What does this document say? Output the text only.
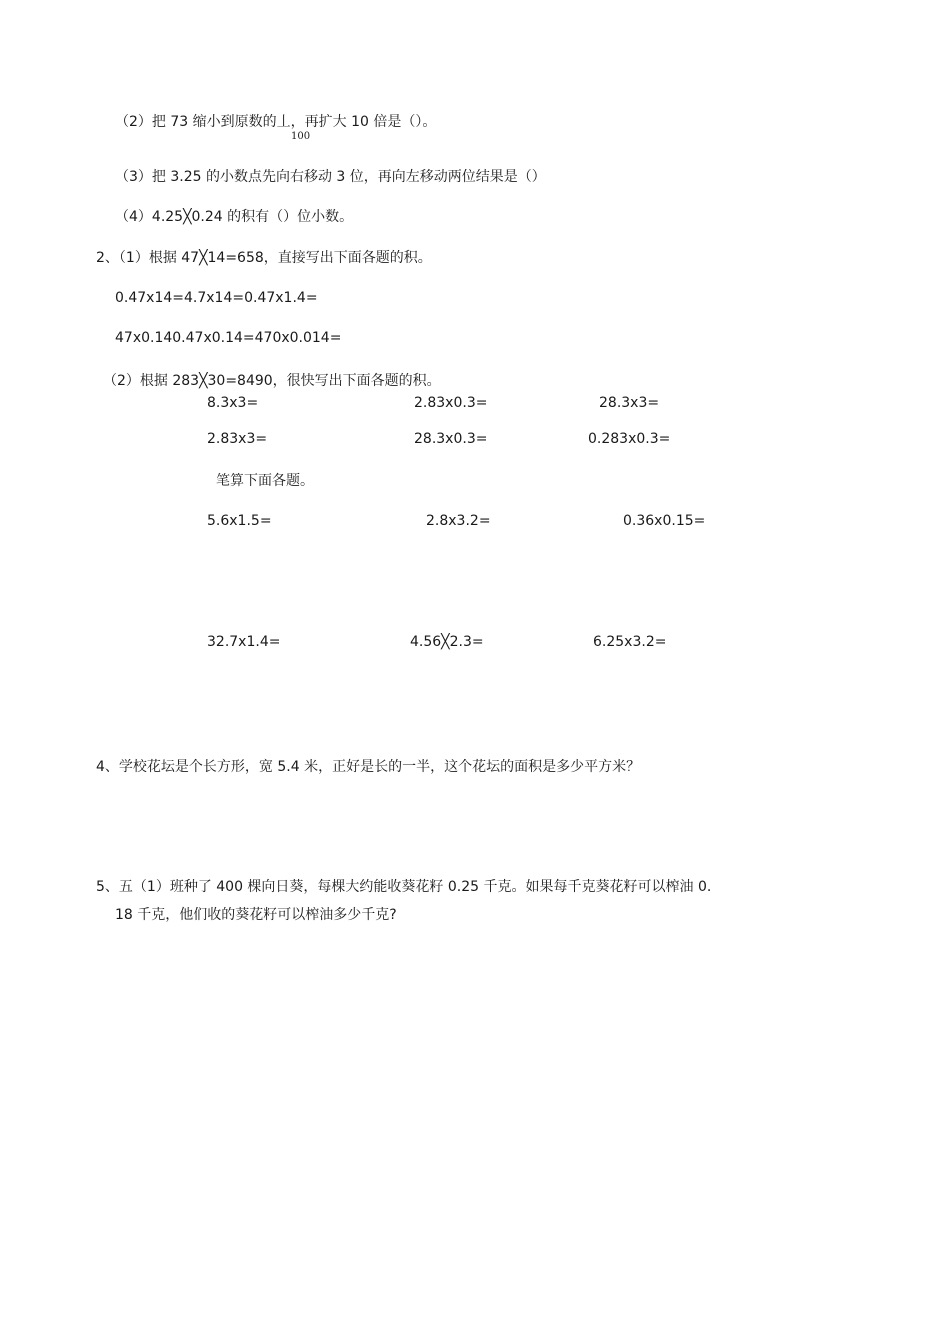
（2）把 73 缩小到原数的丄，再扩大 10 倍是（）。
100
（3）把 3.25 的小数点先向右移动 3 位，再向左移动两位结果是（）
（4）4.25╳0.24 的积有（）位小数。
2、（1）根据 47╳14=658，直接写出下面各题的积。
0.47x14=4.7x14=0.47x1.4=
47x0.140.47x0.14=470x0.014=
（2）根据 283╳30=8490，很快写出下面各题的积。
8.3x3=	2.83x0.3=	28.3x3=
2.83x3=	28.3x0.3=	0.283x0.3=
笔算下面各题。
5.6x1.5=	2.8x3.2=	0.36x0.15=
32.7x1.4=	4.56╳2.3=	6.25x3.2=
4、学校花坛是个长方形，宽 5.4 米，正好是长的一半，这个花坛的面积是多少平方米？
5、五（1）班种了 400 棵向日葵，每棵大约能收葵花籽 0.25 千克。如果每千克葵花籽可以榨油 0.
18 千克，他们收的葵花籽可以榨油多少千克?
